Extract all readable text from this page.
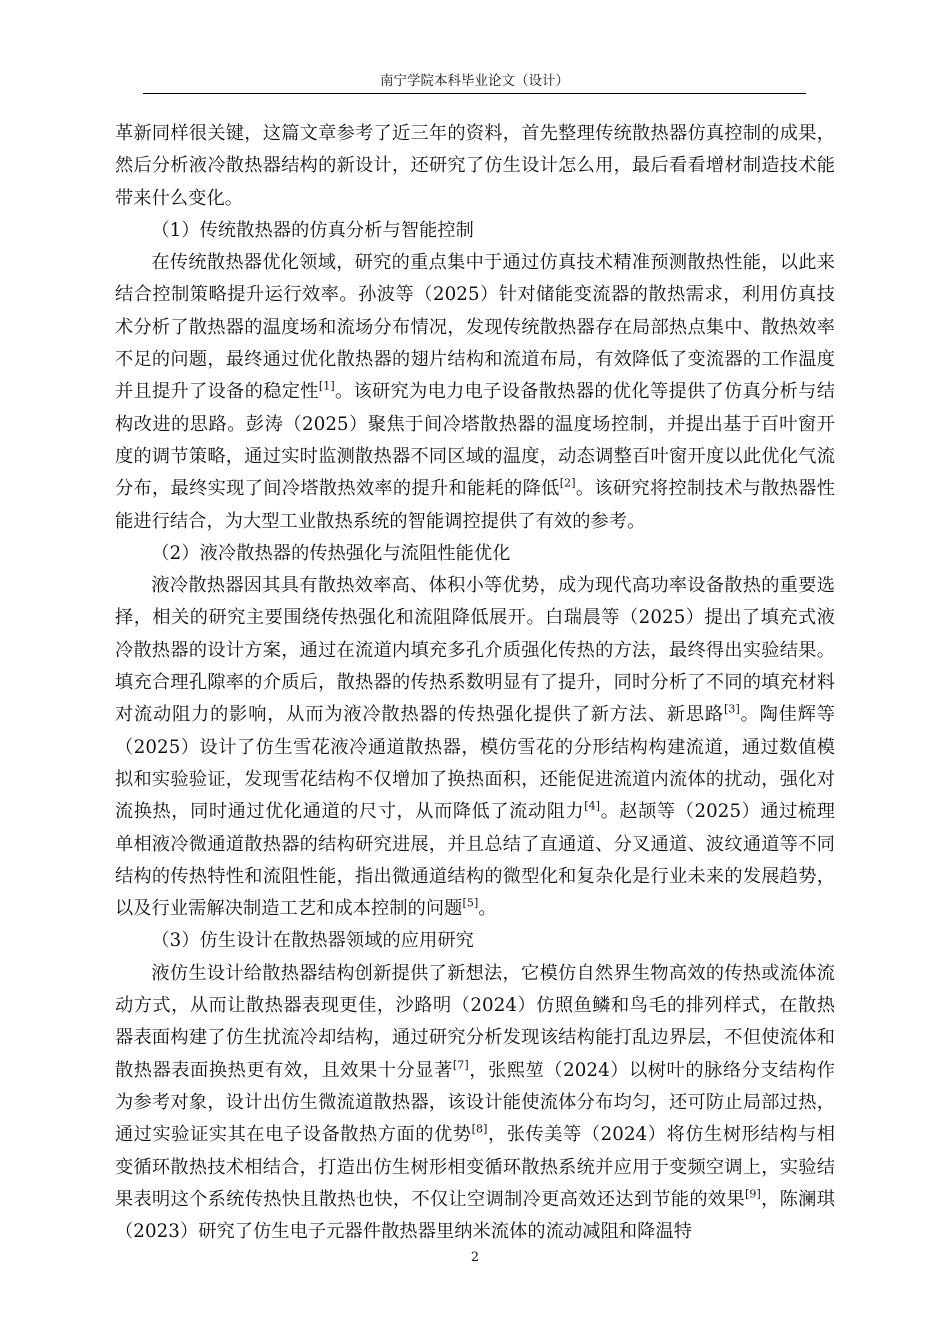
南宁学院本科毕业论文（设计）

革新同样很关键，这篇文章参考了近三年的资料，首先整理传统散热器仿真控制的成果，然后分析液冷散热器结构的新设计，还研究了仿生设计怎么用，最后看看增材制造技术能带来什么变化。

（1）传统散热器的仿真分析与智能控制

在传统散热器优化领域，研究的重点集中于通过仿真技术精准预测散热性能，以此来结合控制策略提升运行效率。孙波等（2025）针对储能变流器的散热需求，利用仿真技术分析了散热器的温度场和流场分布情况，发现传统散热器存在局部热点集中、散热效率不足的问题，最终通过优化散热器的翅片结构和流道布局，有效降低了变流器的工作温度并且提升了设备的稳定性[1]。该研究为电力电子设备散热器的优化等提供了仿真分析与结构改进的思路。彭涛（2025）聚焦于间冷塔散热器的温度场控制，并提出基于百叶窗开度的调节策略，通过实时监测散热器不同区域的温度，动态调整百叶窗开度以此优化气流分布，最终实现了间冷塔散热效率的提升和能耗的降低[2]。该研究将控制技术与散热器性能进行结合，为大型工业散热系统的智能调控提供了有效的参考。

（2）液冷散热器的传热强化与流阻性能优化

液冷散热器因其具有散热效率高、体积小等优势，成为现代高功率设备散热的重要选择，相关的研究主要围绕传热强化和流阻降低展开。白瑞晨等（2025）提出了填充式液冷散热器的设计方案，通过在流道内填充多孔介质强化传热的方法，最终得出实验结果。填充合理孔隙率的介质后，散热器的传热系数明显有了提升，同时分析了不同的填充材料对流动阻力的影响，从而为液冷散热器的传热强化提供了新方法、新思路[3]。陶佳辉等（2025）设计了仿生雪花液冷通道散热器，模仿雪花的分形结构构建流道，通过数值模拟和实验验证，发现雪花结构不仅增加了换热面积，还能促进流道内流体的扰动，强化对流换热，同时通过优化通道的尺寸，从而降低了流动阻力[4]。赵颉等（2025）通过梳理单相液冷微通道散热器的结构研究进展，并且总结了直通道、分叉通道、波纹通道等不同结构的传热特性和流阻性能，指出微通道结构的微型化和复杂化是行业未来的发展趋势，以及行业需解决制造工艺和成本控制的问题[5]。

（3）仿生设计在散热器领域的应用研究

液仿生设计给散热器结构创新提供了新想法，它模仿自然界生物高效的传热或流体流动方式，从而让散热器表现更佳，沙路明（2024）仿照鱼鳞和鸟毛的排列样式，在散热器表面构建了仿生扰流冷却结构，通过研究分析发现该结构能打乱边界层，不但使流体和散热器表面换热更有效，且效果十分显著[7]，张熙堃（2024）以树叶的脉络分支结构作为参考对象，设计出仿生微流道散热器，该设计能使流体分布均匀，还可防止局部过热，通过实验证实其在电子设备散热方面的优势[8]，张传美等（2024）将仿生树形结构与相变循环散热技术相结合，打造出仿生树形相变循环散热系统并应用于变频空调上，实验结果表明这个系统传热快且散热也快，不仅让空调制冷更高效还达到节能的效果[9]，陈澜琪（2023）研究了仿生电子元器件散热器里纳米流体的流动减阻和降温特

2
